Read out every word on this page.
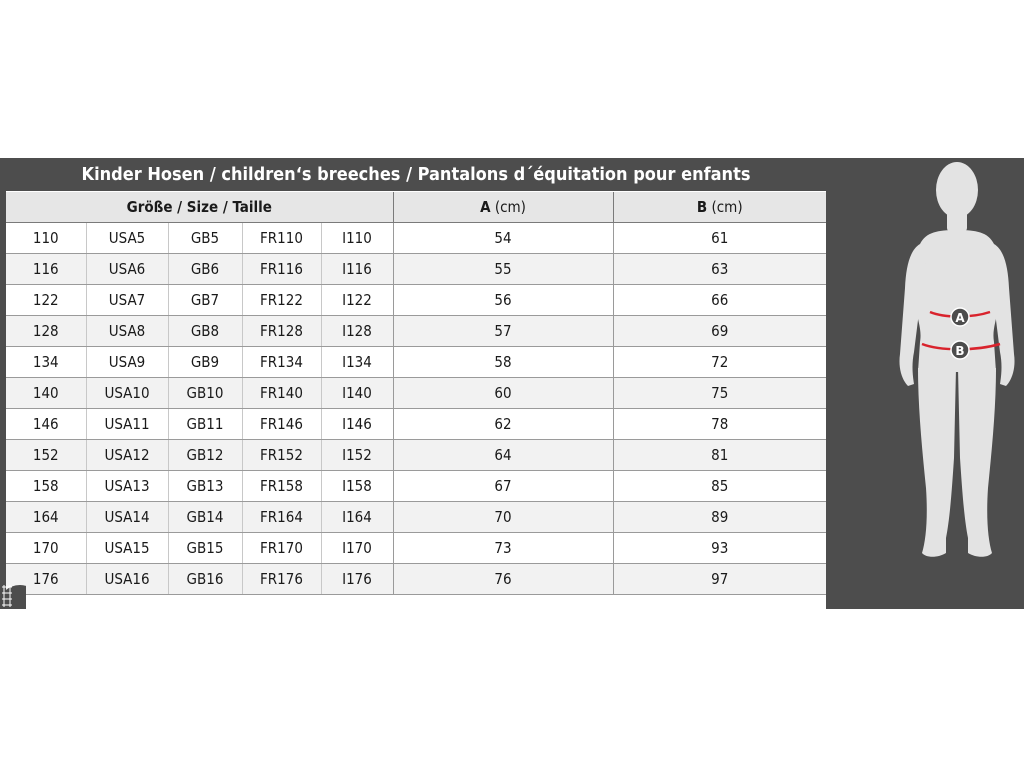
Kinder Hosen / children‘s breeches / Pantalons d´équitation pour enfants						
Größe / Size / Taille					A (cm)	B (cm)
110	USA5	GB5	FR110	I110	54	61
116	USA6	GB6	FR116	I116	55	63
122	USA7	GB7	FR122	I122	56	66
128	USA8	GB8	FR128	I128	57	69
134	USA9	GB9	FR134	I134	58	72
140	USA10	GB10	FR140	I140	60	75
146	USA11	GB11	FR146	I146	62	78
152	USA12	GB12	FR152	I152	64	81
158	USA13	GB13	FR158	I158	67	85
164	USA14	GB14	FR164	I164	70	89
170	USA15	GB15	FR170	I170	73	93
176	USA16	GB16	FR176	I176	76	97
A
B
